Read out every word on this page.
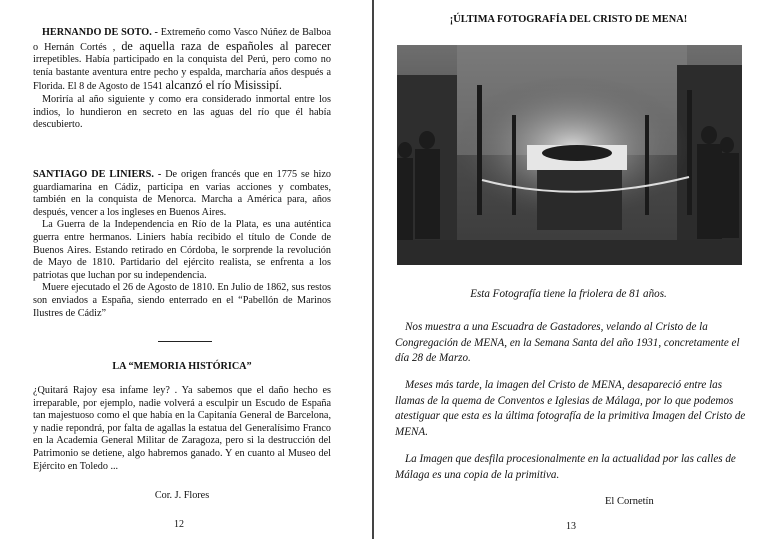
HERNANDO DE SOTO. - Extremeño como Vasco Núñez de Balboa o Hernán Cortés , de aquella raza de españoles al parecer irrepetibles. Había participado en la conquista del Perú, pero como no tenía bastante aventura entre pecho y espalda, marcharía años después a Florida. El 8 de Agosto de 1541 alcanzó el río Misissipí.

Moriría al año siguiente y como era considerado inmortal entre los indios, lo hundieron en secreto en las aguas del río que él había descubierto.

SANTIAGO DE LINIERS. - De origen francés que en 1775 se hizo guardiamarina en Cádiz, participa en varias acciones y combates, también en la conquista de Menorca. Marcha a América para, años después, vencer a los ingleses en Buenos Aires.

La Guerra de la Independencia en Río de la Plata, es una auténtica guerra entre hermanos. Liniers había recibido el título de Conde de Buenos Aires. Estando retirado en Córdoba, le sorprende la revolución de Mayo de 1810. Partidario del ejército realista, se enfrenta a los patriotas que luchan por su independencia.

Muere ejecutado el 26 de Agosto de 1810. En Julio de 1862, sus restos son enviados a España, siendo enterrado en el “Pabellón de Marinos Ilustres de Cádiz”

LA “MEMORIA HISTÓRICA”
¿Quitará Rajoy esa infame ley? . Ya sabemos que el daño hecho es irreparable, por ejemplo, nadie volverá a esculpir un Escudo de España tan majestuoso como el que había en la Capitanía General de Barcelona, y nadie repondrá, por falta de agallas la estatua del Generalísimo Franco en la Academia General Militar de Zaragoza, pero si la destrucción del Patrimonio se detiene, algo habremos ganado. Y en cuanto al Museo del Ejército en Toledo ...
Cor. J. Flores
12
¡ÚLTIMA FOTOGRAFÍA DEL CRISTO DE MENA!
Esta Fotografía tiene la friolera de 81 años.

Nos muestra a una Escuadra de Gastadores, velando al Cristo de la Congregación de MENA, en la Semana Santa del año 1931, concretamente el día 28 de Marzo.

Meses más tarde, la imagen del Cristo de MENA, desapareció entre las llamas de la quema de Conventos e Iglesias de Málaga, por lo que podemos atestiguar que esta es la última fotografía de la primitiva Imagen del Cristo de MENA.

La Imagen que desfila procesionalmente en la actualidad por las calles de Málaga es una copia de la primitiva.

El Cornetín
13
